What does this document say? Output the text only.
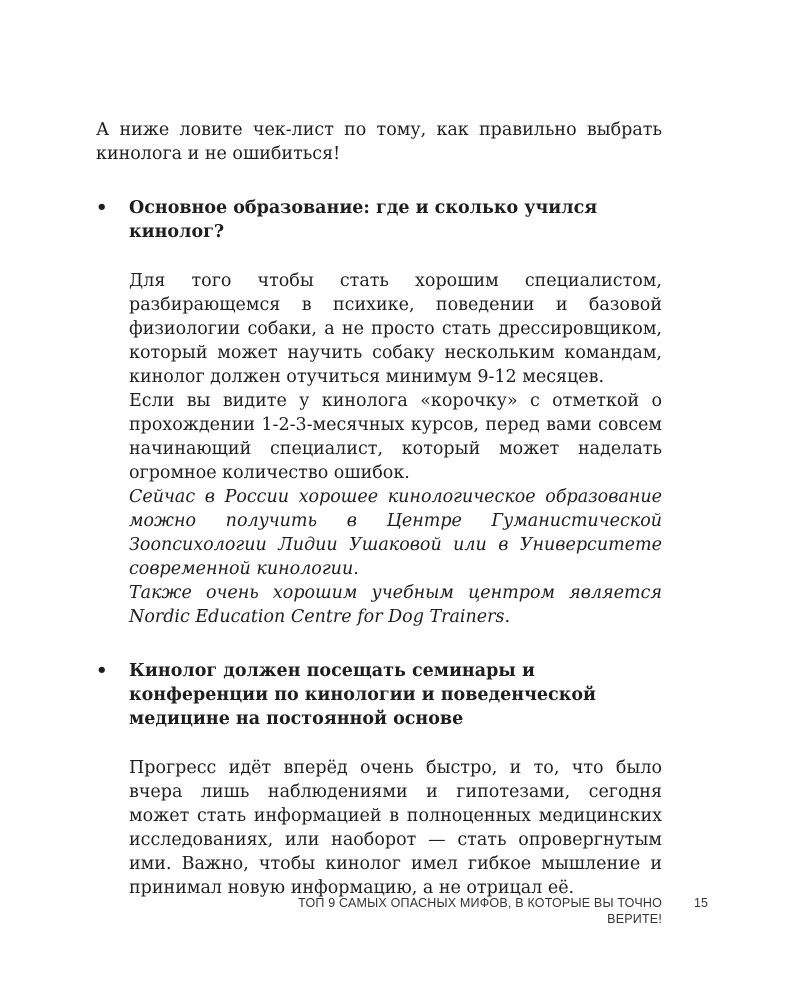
А ниже ловите чек-лист по тому, как правильно выбрать кинолога и не ошибиться!

• Основное образование: где и сколько учился кинолог?

Для того чтобы стать хорошим специалистом, разбирающемся в психике, поведении и базовой физиологии собаки, а не просто стать дрессировщиком, который может научить собаку нескольким командам, кинолог должен отучиться минимум 9-12 месяцев.

Если вы видите у кинолога «корочку» с отметкой о прохождении 1-2-3-месячных курсов, перед вами совсем начинающий специалист, который может наделать огромное количество ошибок.

Сейчас в России хорошее кинологическое образование можно получить в Центре Гуманистической Зоопсихологии Лидии Ушаковой или в Университете современной кинологии.

Также очень хорошим учебным центром является Nordic Education Centre for Dog Trainers.

• Кинолог должен посещать семинары и конференции по кинологии и поведенческой медицине на постоянной основе

Прогресс идёт вперёд очень быстро, и то, что было вчера лишь наблюдениями и гипотезами, сегодня может стать информацией в полноценных медицинских исследованиях, или наоборот — стать опровергнутым ими. Важно, чтобы кинолог имел гибкое мышление и принимал новую информацию, а не отрицал её.

ТОП 9 САМЫХ ОПАСНЫХ МИФОВ, В КОТОРЫЕ ВЫ ТОЧНО ВЕРИТЕ!
15
